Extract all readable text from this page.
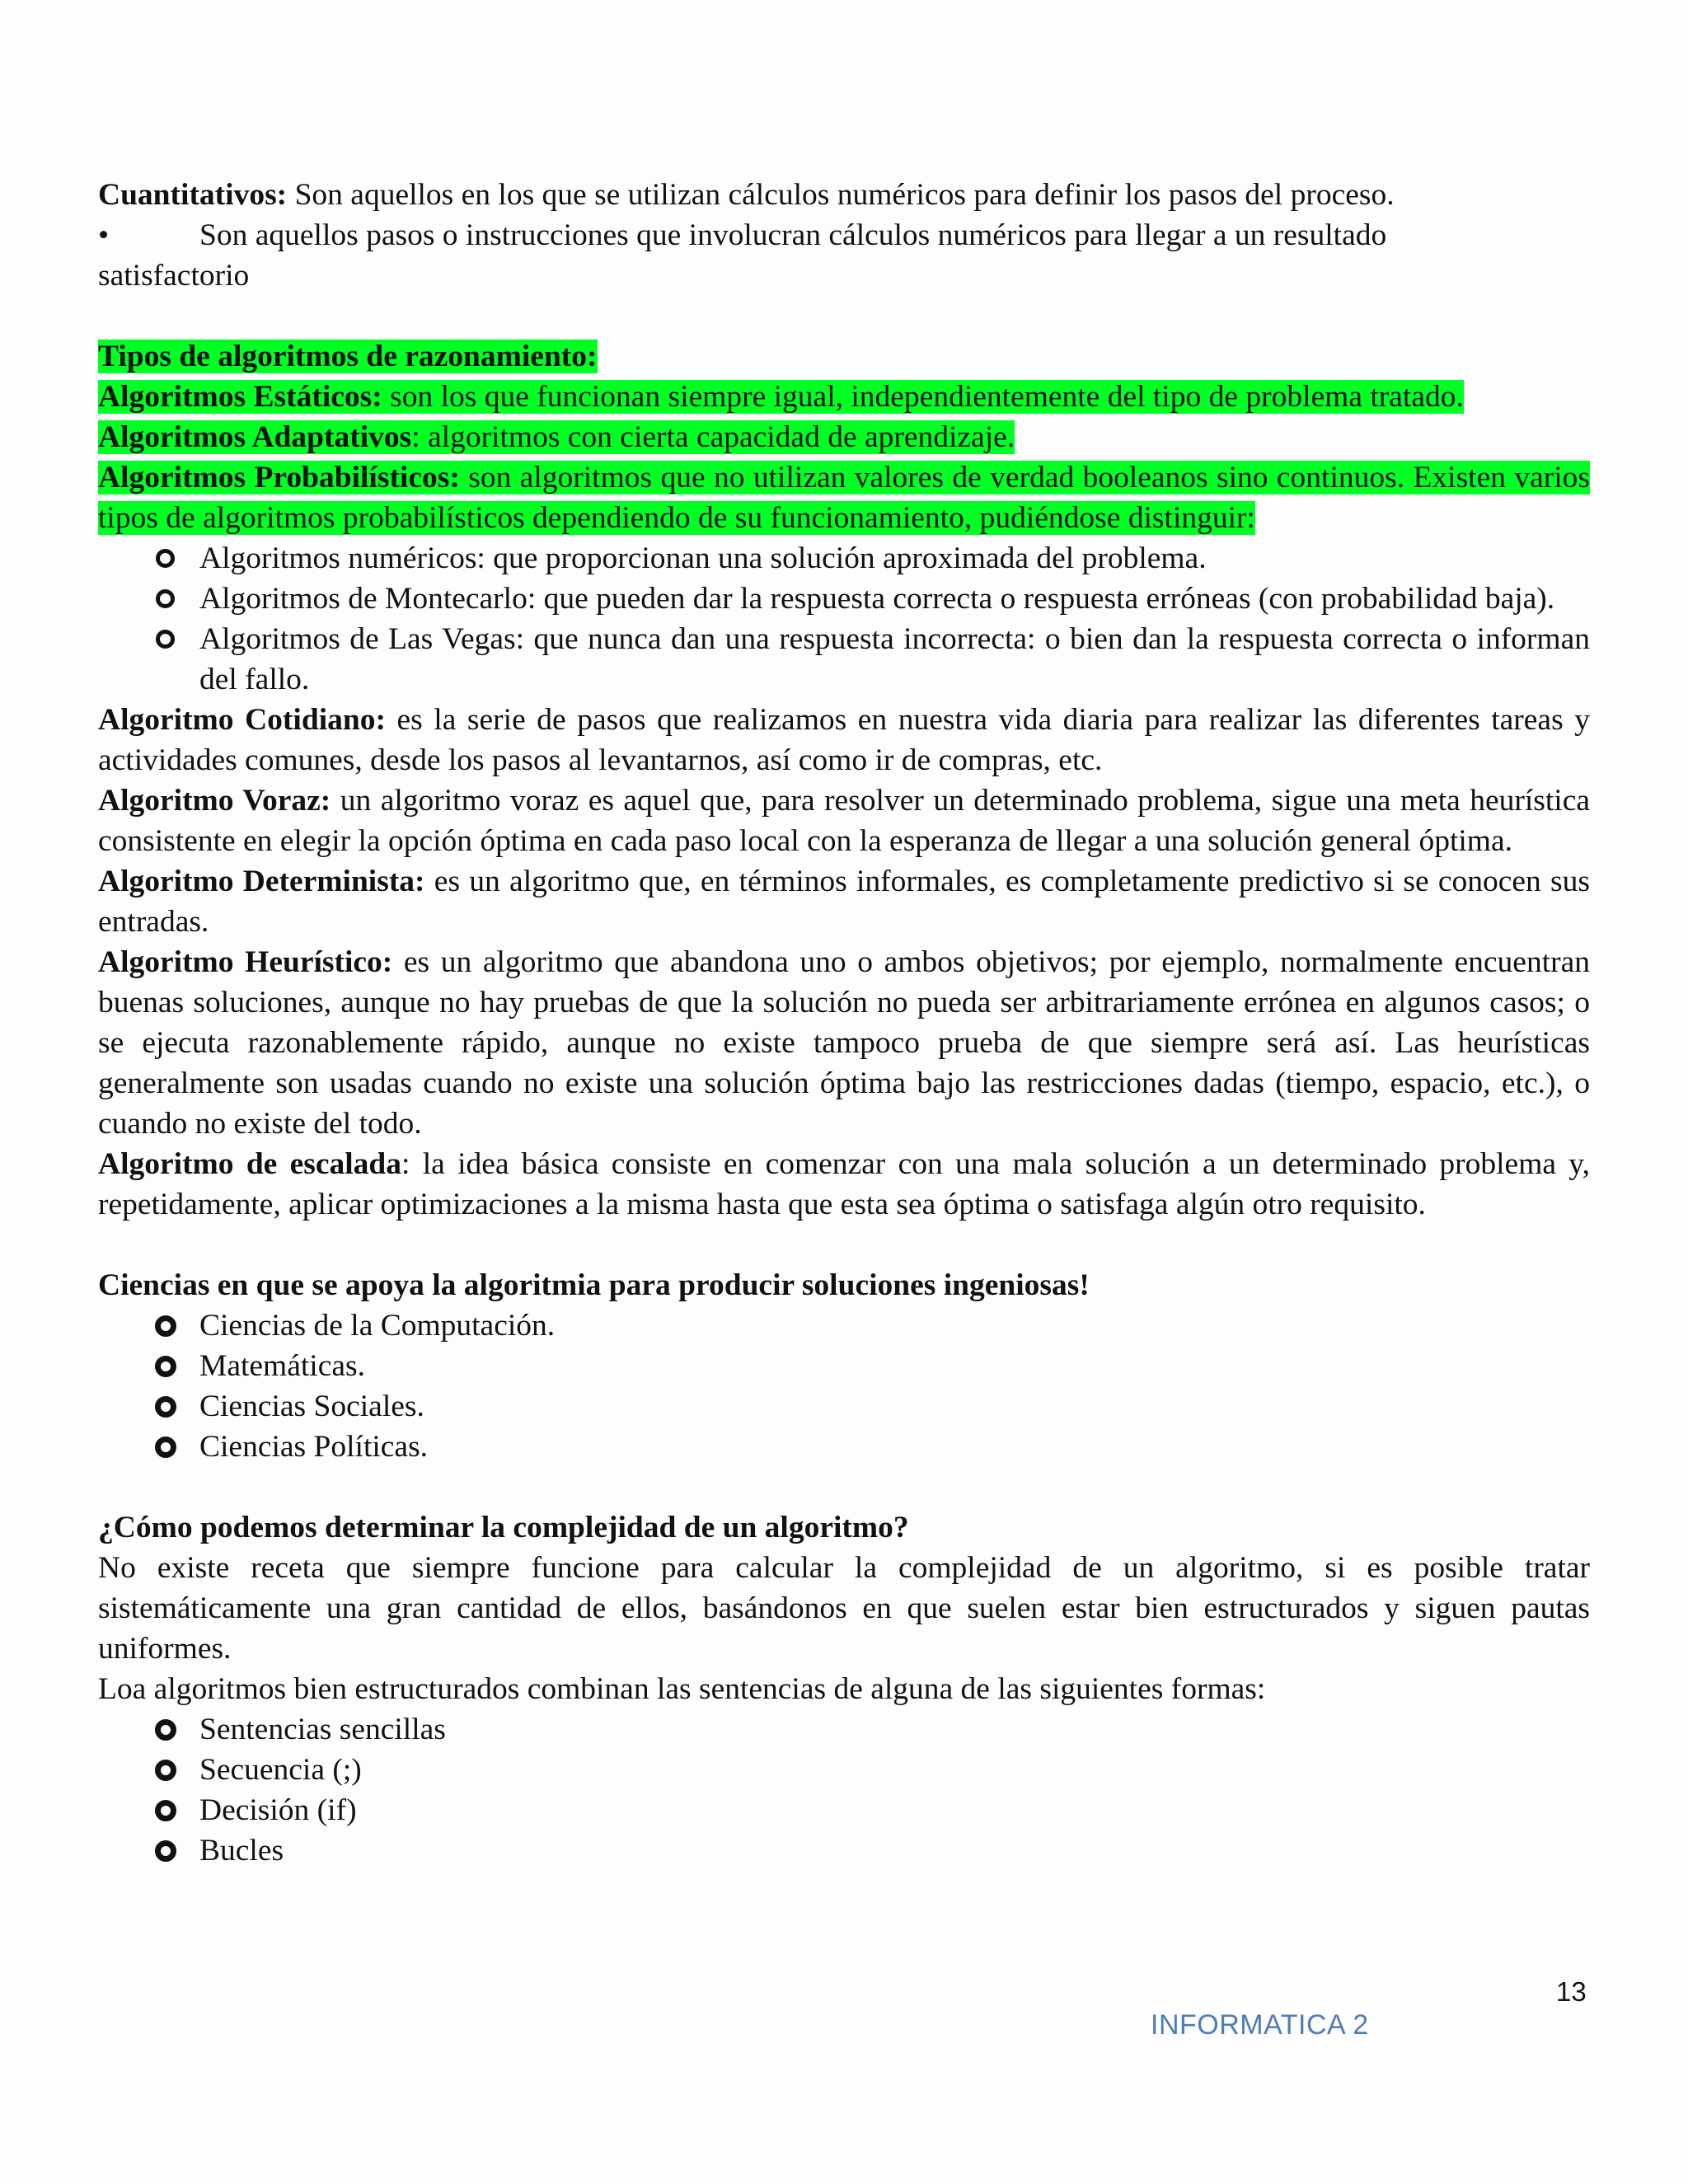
Cuantitativos: Son aquellos en los que se utilizan cálculos numéricos para definir los pasos del proceso.

•	Son aquellos pasos o instrucciones que involucran cálculos numéricos para llegar a un resultado

satisfactorio

Tipos de algoritmos de razonamiento:

Algoritmos Estáticos: son los que funcionan siempre igual, independientemente del tipo de problema tratado.

Algoritmos Adaptativos: algoritmos con cierta capacidad de aprendizaje.

Algoritmos Probabilísticos: son algoritmos que no utilizan valores de verdad booleanos sino continuos. Existen varios tipos de algoritmos probabilísticos dependiendo de su funcionamiento, pudiéndose distinguir:

Algoritmos numéricos: que proporcionan una solución aproximada del problema.
Algoritmos de Montecarlo: que pueden dar la respuesta correcta o respuesta erróneas (con probabilidad baja).
Algoritmos de Las Vegas: que nunca dan una respuesta incorrecta: o bien dan la respuesta correcta o informan del fallo.

Algoritmo Cotidiano: es la serie de pasos que realizamos en nuestra vida diaria para realizar las diferentes tareas y actividades comunes, desde los pasos al levantarnos, así como ir de compras, etc.

Algoritmo Voraz: un algoritmo voraz es aquel que, para resolver un determinado problema, sigue una meta heurística consistente en elegir la opción óptima en cada paso local con la esperanza de llegar a una solución general óptima.

Algoritmo Determinista: es un algoritmo que, en términos informales, es completamente predictivo si se conocen sus entradas.

Algoritmo Heurístico: es un algoritmo que abandona uno o ambos objetivos; por ejemplo, normalmente encuentran buenas soluciones, aunque no hay pruebas de que la solución no pueda ser arbitrariamente errónea en algunos casos; o se ejecuta razonablemente rápido, aunque no existe tampoco prueba de que siempre será así. Las heurísticas generalmente son usadas cuando no existe una solución óptima bajo las restricciones dadas (tiempo, espacio, etc.), o cuando no existe del todo.

Algoritmo de escalada: la idea básica consiste en comenzar con una mala solución a un determinado problema y, repetidamente, aplicar optimizaciones a la misma hasta que esta sea óptima o satisfaga algún otro requisito.

Ciencias en que se apoya la algoritmia para producir soluciones ingeniosas!

Ciencias de la Computación.
Matemáticas.
Ciencias Sociales.
Ciencias Políticas.

¿Cómo podemos determinar la complejidad de un algoritmo?

No existe receta que siempre funcione para calcular la complejidad de un algoritmo, si es posible tratar sistemáticamente una gran cantidad de ellos, basándonos en que suelen estar bien estructurados y siguen pautas uniformes.

Loa algoritmos bien estructurados combinan las sentencias de alguna de las siguientes formas:

Sentencias sencillas
Secuencia (;)
Decisión (if)
Bucles
13
INFORMATICA 2
